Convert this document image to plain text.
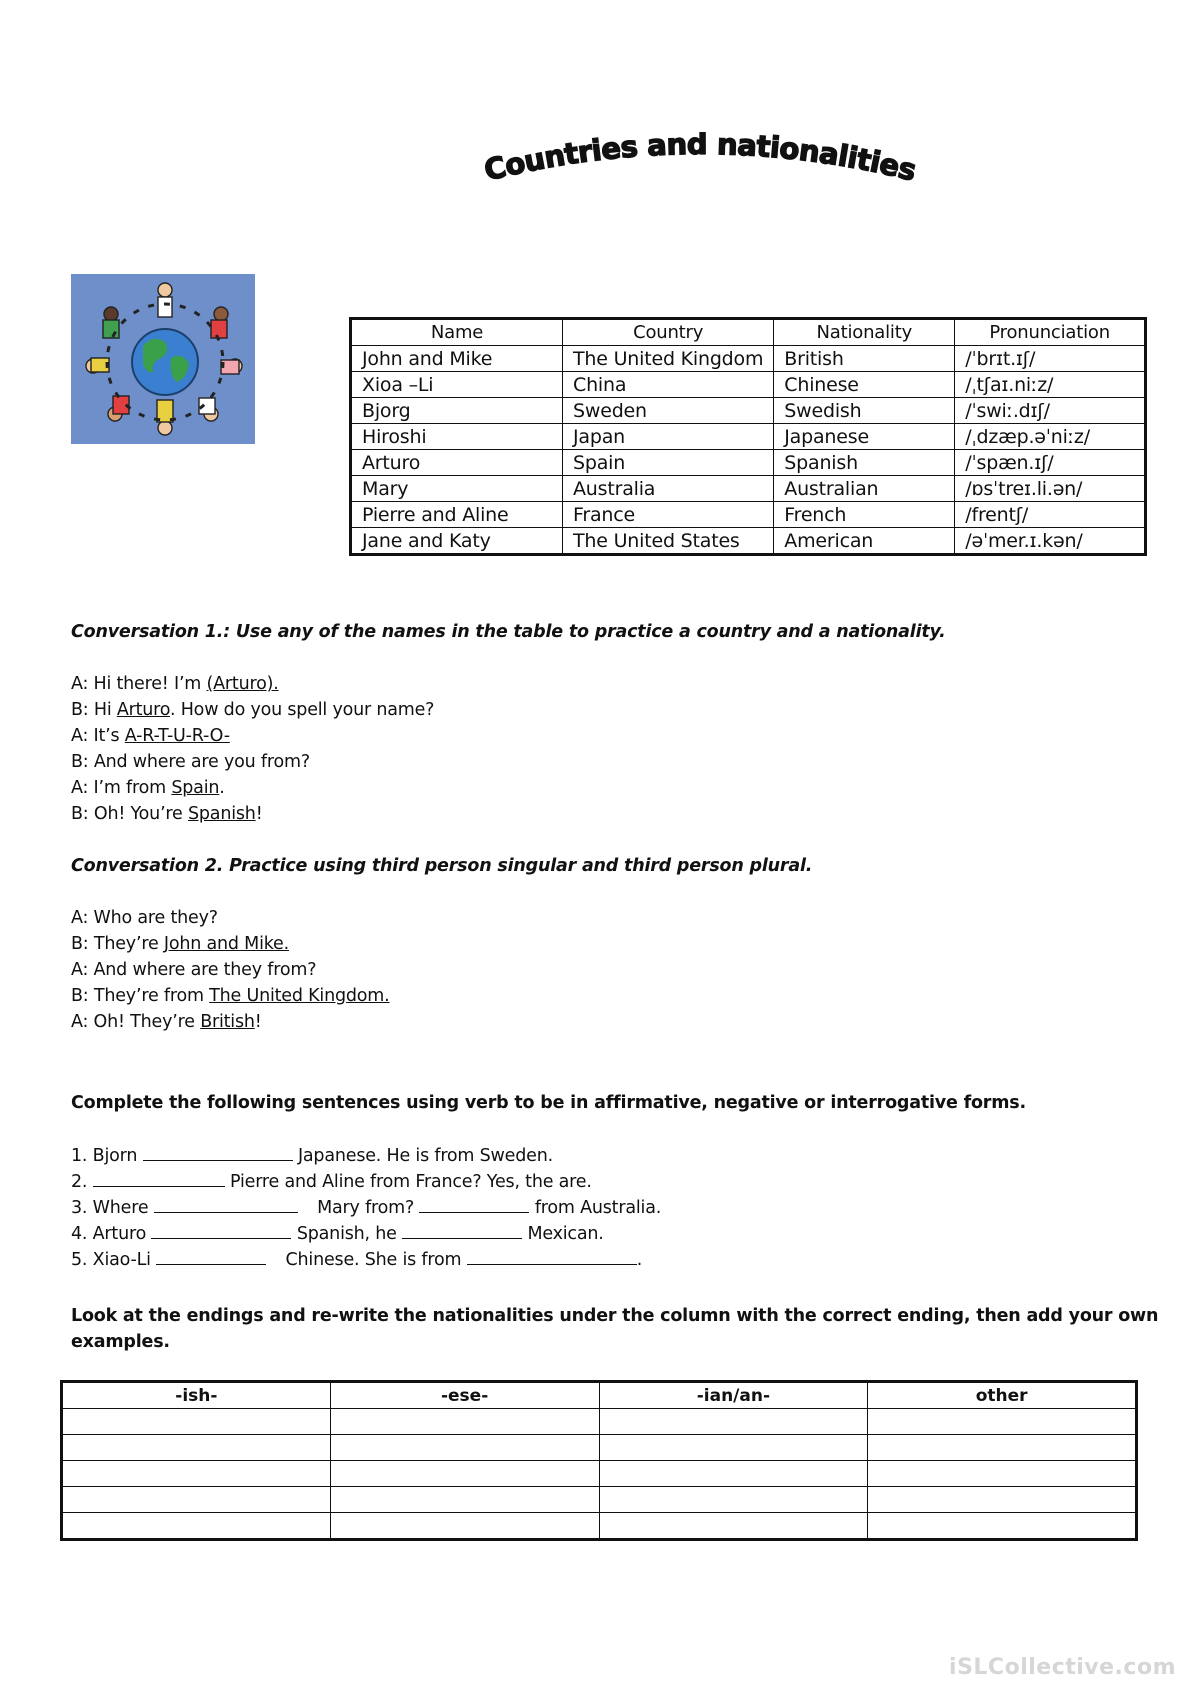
Countries and nationalities
Name	Country	Nationality	Pronunciation
John and Mike	The United Kingdom	British	/ˈbrɪt.ɪʃ/
Xioa –Li	China	Chinese	/ˌtʃaɪ.niːz/
Bjorg	Sweden	Swedish	/ˈswiː.dɪʃ/
Hiroshi	Japan	Japanese	/ˌdzæp.əˈniːz/
Arturo	Spain	Spanish	/ˈspæn.ɪʃ/
Mary	Australia	Australian	/ɒsˈtreɪ.li.ən/
Pierre and Aline	France	French	/frentʃ/
Jane and Katy	The United States	American	/əˈmer.ɪ.kən/
Conversation 1.: Use any of the names in the table to practice a country and a nationality.
A: Hi there! I’m (Arturo).
B: Hi Arturo. How do you spell your name?
A: It’s A-R-T-U-R-O-
B: And where are you from?
A: I’m from Spain.
B: Oh! You’re Spanish!
Conversation 2. Practice using third person singular and third person plural.
A: Who are they?
B: They’re John and Mike.
A: And where are they from?
B: They’re from The United Kingdom.
A: Oh! They’re British!
Complete the following sentences using verb to be in affirmative, negative or interrogative forms.
1. Bjorn	Japanese. He is from Sweden.
2.	Pierre and Aline from France? Yes, the are.
3. Where	Mary from?	from Australia.
4. Arturo	Spanish, he	Mexican.
5. Xiao-Li	Chinese. She is from	.
Look at the endings and re-write the nationalities under the column with the correct ending, then add your own
examples.
-ish-	-ese-	-ian/an-	other

iSLCollective.com
